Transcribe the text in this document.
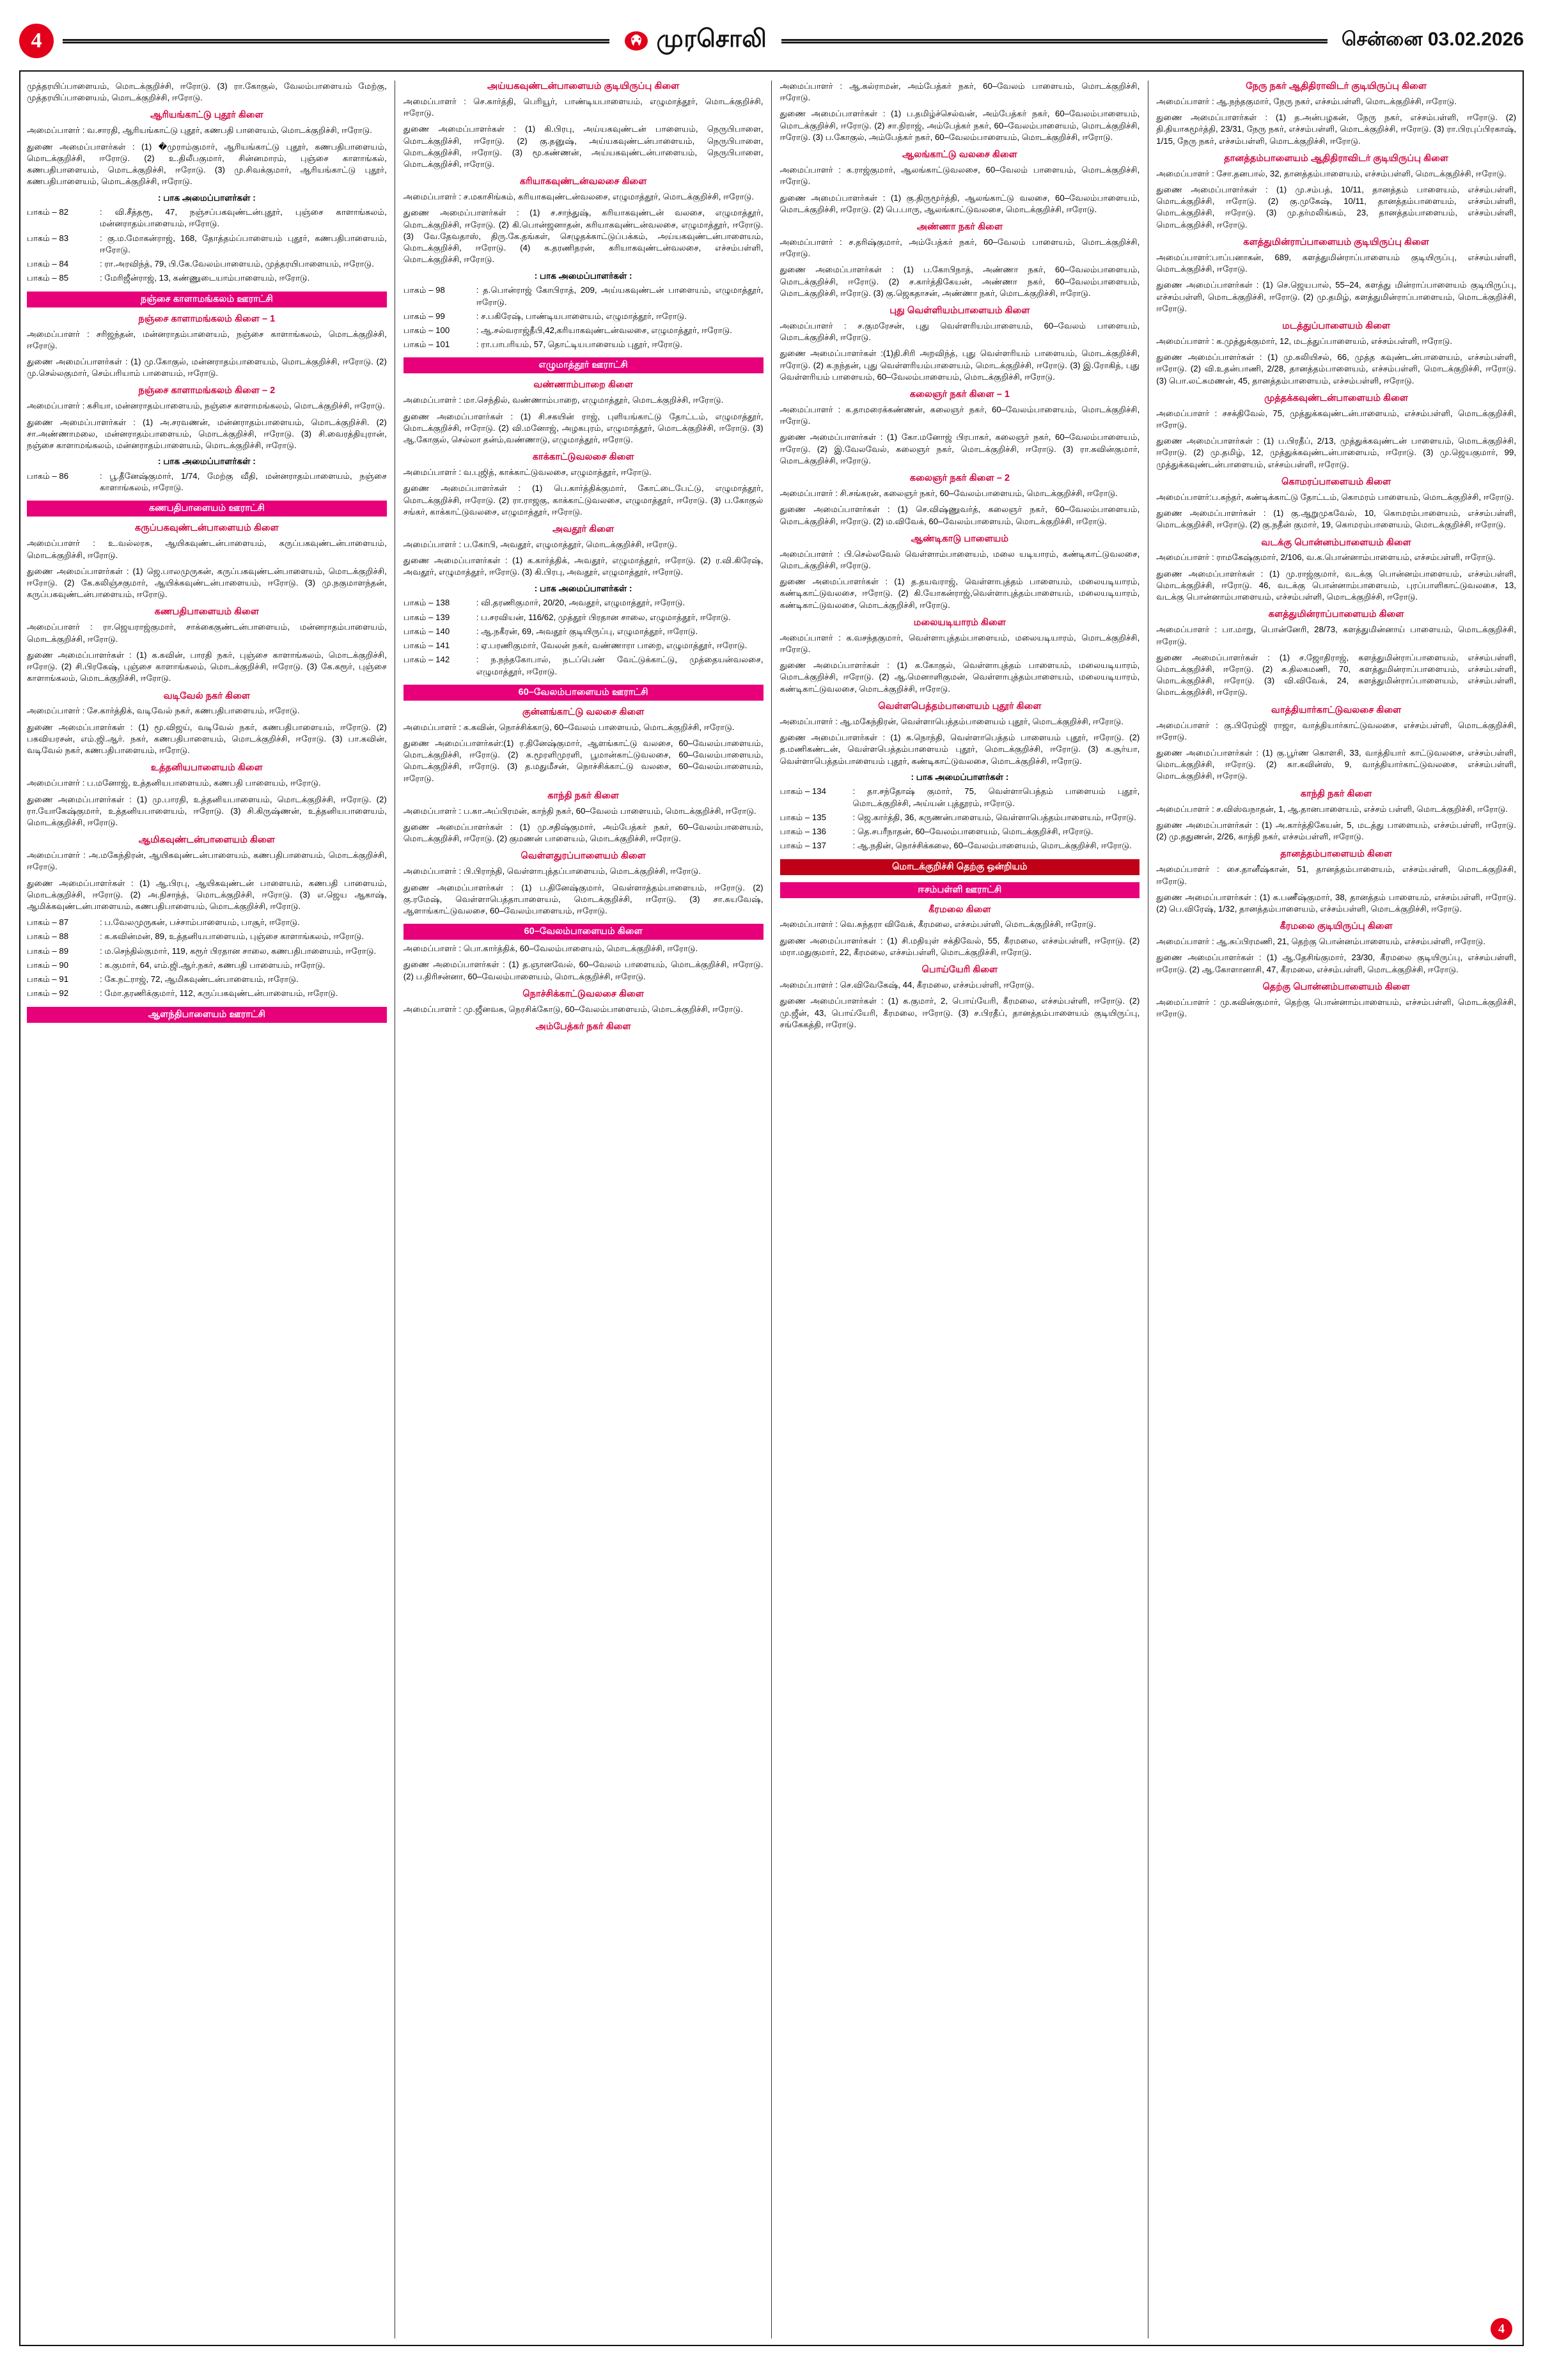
4	முரசொலி	சென்னை 03.02.2026

முத்தரயிப்பாளையம், மொடக்குறிச்சி, ஈரோடு. (3) ரா.கோகுல், வேலம்பாளையம் மேற்கு, முத்தரயிப்பாளையம், மொடக்குறிச்சி, ஈரோடு.

ஆரியங்காட்டு புதூர் கிளை

அமைப்பாளர் : வ.சாரதி, ஆரியங்காட்டு புதூர், கணபதி பாளையம், மொடக்குறிச்சி, ஈரோடு.

துணை அமைப்பாளர்கள் : (1) �முராம்குமார், ஆரியங்காட்டு புதூர், கணபதிபாளையம், மொடக்குறிச்சி, ஈரோடு. (2) உ.திலீபகுமார், சின்னமாரம், புஞ்சை காளாங்கல், கணபதிபாளையம், மொடக்குறிச்சி, ஈரோடு. (3) மு.சிவக்குமார், ஆரியங்காட்டு புதூர், கணபதிபாளையம், மொடக்குறிச்சி, ஈரோடு.

: பாக அமைப்பாளர்கள் :
பாகம் – 82	: வி.சீத்தரூ, 47, நஞ்சப்பகவுண்டன்புதூர், புஞ்சை காளாங்கலம், மன்னராதம்பாளையம், ஈரோடு.
பாகம் – 83	: கு.ம.மோகன்ராஜ், 168, தோத்தம்ப்பாளையம் புதூர், கணபதிபாளையம், ஈரோடு.
பாகம் – 84	: ரா.அரவிந்த், 79, பி.கே.வேலம்பாளையம், முத்தரயிபாளையம், ஈரோடு.
பாகம் – 85	: மேரிஜீன்ராஜ், 13, கண்ணுடையாம்பாளையம், ஈரோடு.
நஞ்சை காளாமங்கலம் ஊராட்சி
நஞ்சை காளாமங்கலம் கிளை – 1

அமைப்பாளர் : சரிஜந்தன், மன்னராதம்பாளையம், நஞ்சை காளாங்கலம், மொடக்குறிச்சி, ஈரோடு.

துணை அமைப்பாளர்கள் : (1) மு.கோகுல், மன்னராதம்பாளையம், மொடக்குறிச்சி, ஈரோடு. (2) மு.செல்லகுமார், செம்பரியாம் பாளையம், ஈரோடு.

நஞ்சை காளாமங்கலம் கிளை – 2

அமைப்பாளர் : கசியா, மன்னராதம்பாளையம், நஞ்சை காளாமங்கலம், மொடக்குறிச்சி, ஈரோடு.

துணை அமைப்பாளர்கள் : (1) அ.சரவணன், மன்னராதம்பாளையம், மொடக்குறிச்சி. (2) சா.அண்ணாமலை, மன்னராதம்பாளையம், மொடக்குறிச்சி, ஈரோடு. (3) சி.வைரத்தியுரான், நஞ்சை காளாமங்கலம், மன்னராதம்பாளையம், மொடக்குறிச்சி, ஈரோடு.

: பாக அமைப்பாளர்கள் :
பாகம் – 86	: பூ.தீனேஷ்குமார், 1/74, மேற்கு வீதி, மன்னராதம்பாளையம், நஞ்சை காளாங்கலம், ஈரோடு.
கணபதிபாளையம் ஊராட்சி
கருப்பகவுண்டன்பாளையம் கிளை

அமைப்பாளர் : உ.வல்லரசு, ஆயிகவுண்டன்பாளையம், கருப்பகவுண்டன்பாளையம், மொடக்குறிச்சி, ஈரோடு.

துணை அமைப்பாளர்கள் : (1) ஜெ.பாலமுருகன், கருப்பகவுண்டன்பாளையம், மொடக்குறிச்சி, ஈரோடு. (2) கே.கலிஞ்சகுமார், ஆயிக்கவுண்டன்பாளையம், ஈரோடு. (3) மு.நகுமாளந்தன், கருப்பகவுண்டன்பாளையம், ஈரோடு.

கணபதிபாளையம் கிளை

அமைப்பாளர் : ரா.ஜெயராஜ்குமார், சாக்கைகுண்டன்பாளையம், மன்னராதம்பாளையம், மொடக்குறிச்சி, ஈரோடு.

துணை அமைப்பாளர்கள் : (1) க.கவின், பாரதி நகர், புஞ்சை காளாங்கலம், மொடக்குறிச்சி, ஈரோடு. (2) சி.பிரகேஷ், புஞ்சை காளாங்கலம், மொடக்குறிச்சி, ஈரோடு. (3) கே.கரூர், புஞ்சை காளாங்கலம், மொடக்குறிச்சி, ஈரோடு.

வடிவேல் நகர் கிளை

அமைப்பாளர் : சே.கார்த்திக், வடிவேல் நகர், கணபதிபாளையம், ஈரோடு.

துணை அமைப்பாளர்கள் : (1) மூ.விஜய், வடிவேல் நகர், கணபதிபாளையம், ஈரோடு. (2) பகவியரசன், எம்.ஜி.ஆர். நகர், கணபதிபாளையம், மொடக்குறிச்சி, ஈரோடு. (3) பா.கவின், வடிவேல் நகர், கணபதிபாளையம், ஈரோடு.

உத்தனியபாளையம் கிளை

அமைப்பாளர் : ப.மனோஜ், உத்தனியபாளையம், கணபதி பாளையம், ஈரோடு.

துணை அமைப்பாளர்கள் : (1) மு.பாரதி, உத்தனியபாளையம், மொடக்குறிச்சி, ஈரோடு. (2) ரா.யோகேஷ்குமார், உத்தனியபாளையம், ஈரோடு. (3) சி.கிருஷ்ணன், உத்தனியபாளையம், மொடக்குறிச்சி, ஈரோடு.

ஆமிகவுண்டன்பாளையம் கிளை

அமைப்பாளர் : அ.மகேந்திரன், ஆயிகவுண்டன்பாளையம், கணபதிபாளையம், மொடக்குறிச்சி, ஈரோடு.

துணை அமைப்பாளர்கள் : (1) ஆ.பிரபு, ஆயிகவுண்டன் பாளையம், கணபதி பாளையம், மொடக்குறிச்சி, ஈரோடு. (2) அ.நிசாந்த், மொடக்குறிச்சி, ஈரோடு. (3) எ.ஜெய ஆகாஷ், ஆமிக்கவுண்டன்பாளையம், கணபதிபாளையம், மொடக்குறிச்சி, ஈரோடு.

பாகம் – 87	: ப.வேலமுருகன், பச்சாம்பாளையம், பாசூர், ஈரோடு.
பாகம் – 88	: க.கவின்மன், 89, உத்தனியபாளையம், புஞ்சை காளாங்கலம், ஈரோடு.
பாகம் – 89	: ம.செந்தில்குமார், 119, கரூர் பிரதான சாலை, கணபதிபாளையம், ஈரோடு.
பாகம் – 90	: க.குமார், 64, எம்.ஜி.ஆர்.நகர், கணபதி பாளையம், ஈரோடு.
பாகம் – 91	: கே.நட்ராஜ், 72, ஆமிகவுண்டன்பாளையம், ஈரோடு.
பாகம் – 92	: மோ.தரணிக்குமார், 112, கருப்பகவுண்டன்பாளையம், ஈரோடு.
ஆளந்திபாளையம் ஊராட்சி
அய்யகவுண்டன்பாளையம் குடியிருப்பு கிளை

அமைப்பாளர் : செ.கார்த்தி, பெரியூர், பாண்டியபாளையம், எழுமாத்தூர், மொடக்குறிச்சி, ஈரோடு.

துணை அமைப்பாளர்கள் : (1) கி.பிரபு, அய்யகவுண்டன் பாளையம், நெருபிபாளை, மொடக்குறிச்சி, ஈரோடு. (2) கு.தனுஷ், அய்யகவுண்டன்பாளையம், நெருபிபாளை, மொடக்குறிச்சி, ஈரோடு. (3) மூ.கண்ணன், அய்யகவுண்டன்பாளையம், நெருபிபாளை, மொடக்குறிச்சி, ஈரோடு.

கரியாகவுண்டன்வலசை கிளை

அமைப்பாளர் : ச.மகாசிங்கம், கரியாகவுண்டன்வலசை, எழுமாத்தூர், மொடக்குறிச்சி, ஈரோடு.

துணை அமைப்பாளர்கள் : (1) ச.சாந்துஷ், கரியாகவுண்டன் வலசை, எழுமாத்தூர், மொடக்குறிச்சி, ஈரோடு. (2) கி.பொன்ஜனாதன், கரியாகவுண்டன்வலசை, எழுமாத்தூர், ஈரோடு. (3) வே.தேவதாஸ், திரு.கே.தங்கள், செழுதக்காட்டுப்பக்கம், அய்யகவுண்டன்பாளையம், மொடக்குறிச்சி, ஈரோடு. (4) க.தரணிதரன், கரியாகவுண்டன்வலசை, எச்சம்பள்ளி, மொடக்குறிச்சி, ஈரோடு.

: பாக அமைப்பாளர்கள் :
பாகம் – 98	: த.பொன்ராஜ் கோபிராத், 209, அய்யகவுண்டன் பாளையம், எழுமாத்தூர், ஈரோடு.
பாகம் – 99	: ச.பகிரேஷ், பாண்டியபாளையம், எழுமாத்தூர், ஈரோடு.
பாகம் – 100	: ஆ.சல்வராஜ்தீபி,42,கரியாகவுண்டன்வலசை, எழுமாத்தூர், ஈரோடு.
பாகம் – 101	: ரா.பாபரியம், 57, தொட்டியபாளையம் புதூர், ஈரோடு.
எழுமாத்தூர் ஊராட்சி
வண்ணாம்பாறை கிளை

அமைப்பாளர் : மா.செந்தில், வண்ணாம்பாறை, எழுமாத்தூர், மொடக்குறிச்சி, ஈரோடு.

துணை அமைப்பாளர்கள் : (1) சி.சகயின் ராஜ், புளியங்காட்டு தோட்டம், எழுமாத்தூர், மொடக்குறிச்சி, ஈரோடு. (2) வி.மனோஜ், அழகபுரம், எழுமாத்தூர், மொடக்குறிச்சி, ஈரோடு. (3) ஆ.கோகுல், செல்லா தன்ம்,வண்ணாடு, எழுமாத்தூர், ஈரோடு.

காக்காட்டுவலசை கிளை

அமைப்பாளர் : வ.புஜித், காக்காட்டுவலசை, எழுமாத்தூர், ஈரோடு.

துணை அமைப்பாளர்கள் : (1) பெ.கார்த்திக்குமார், கோட்டைபேட்டு, எழுமாத்தூர், மொடக்குறிச்சி, ஈரோடு. (2) ரா.ராஜகு, காக்காட்டுவலசை, எழுமாத்தூர், ஈரோடு. (3) ப.கோகுல் சங்கர், காக்காட்டுவலசை, எழுமாத்தூர், ஈரோடு.

அவதூர் கிளை

அமைப்பாளர் : ப.கோபி, அவதூர், எழுமாத்தூர், மொடக்குறிச்சி, ஈரோடு.

துணை அமைப்பாளர்கள் : (1) க.கார்த்திக், அவதூர், எழுமாத்தூர், ஈரோடு. (2) ர.வி.கிரேஷ், அவதூர், எழுமாத்தூர், ஈரோடு. (3) கி.பிரபு, அவதூர், எழுமாத்தூர், ஈரோடு.

: பாக அமைப்பாளர்கள் :
பாகம் – 138	: வி.தரணிகுமார், 20/20, அவதூர், எழுமாத்தூர், ஈரோடு.
பாகம் – 139	: ப.சரவியன், 116/62, முத்தூர் பிரதான சாலை, எழுமாத்தூர், ஈரோடு.
பாகம் – 140	: ஆ.நகீரன், 69, அவதூர் குடியிருப்பு, எழுமாத்தூர், ஈரோடு.
பாகம் – 141	: ஏ.பரணிகுமார், வேலன் நகர், வண்ணாரா பாறை, எழுமாத்தூர், ஈரோடு.
பாகம் – 142	: ந.நந்தகோபால், நடப்பெண் வேட்டுக்காட்டு, முத்தையன்வலசை, எழுமாத்தூர், ஈரோடு.
60–வேலம்பாளையம் ஊராட்சி
குன்னங்காட்டு வலசை கிளை

அமைப்பாளர் : க.கவின், நொச்சிக்காடு, 60–வேலம் பாளையம், மொடக்குறிச்சி, ஈரோடு.

துணை அமைப்பாளர்கள்:(1) ர.தினேஷ்குமார், ஆளங்காட்டு வலசை, 60–வேலம்பாளையம், மொடக்குறிச்சி, ஈரோடு. (2) க.மூரளிமுரளி, பூமான்காட்டுவலசை, 60–வேலம்பாளையம், மொடக்குறிச்சி, ஈரோடு. (3) த.மதுமீசன், நொச்சிக்காட்டு வலசை, 60–வேலம்பாளையம், ஈரோடு.

காந்தி நகர் கிளை

அமைப்பாளர் : ப.கா.அப்பிரமன், காந்தி நகர், 60–வேலம் பாளையம், மொடக்குறிச்சி, ஈரோடு.

துணை அமைப்பாளர்கள் : (1) மு.சதிஷ்குமார், அம்பேத்கர் நகர், 60–வேலம்பாளையம், மொடக்குறிச்சி, ஈரோடு. (2) குமணன் பாளையம், மொடக்குறிச்சி, ஈரோடு.

வெள்ளதுரப்பாளையம் கிளை

அமைப்பாளர் : பி.பிராந்தி, வெள்ளாபுத்தப்பாளையம், மொடக்குறிச்சி, ஈரோடு.

துணை அமைப்பாளர்கள் : (1) ப.தினேஷ்குமார், வெள்ளாத்தம்பாளையம், ஈரோடு. (2) கு.ரமேஷ், வெள்ளாபெத்தாபாளையம், மொடக்குறிச்சி, ஈரோடு. (3) சா.கயவேஷ், ஆளாங்காட்டுவலசை, 60–வேலம்பாளையம், ஈரோடு.

60–வேலம்பாளையம் கிளை

அமைப்பாளர் : பொ.கார்த்திக், 60–வேலம்பாளையம், மொடக்குறிச்சி, ஈரோடு.

துணை அமைப்பாளர்கள் : (1) த.ஞானவேல், 60–வேலம் பாளையம், மொடக்குறிச்சி, ஈரோடு. (2) ப.திரிசன்னா, 60–வேலம்பாளையம், மொடக்குறிச்சி, ஈரோடு.

நொச்சிக்காட்டுவலசை கிளை

அமைப்பாளர் : மு.ஜீனவசு, நெரசிக்கோடு, 60–வேலம்பாளையம், மொடக்குறிச்சி, ஈரோடு.

அம்பேத்கர் நகர் கிளை

அமைப்பாளர் : ஆ.கல்ராமன், அம்பேத்கர் நகர், 60–வேலம் பாளையம், மொடக்குறிச்சி, ஈரோடு.

துணை அமைப்பாளர்கள் : (1) ப.தமிழ்ச்செல்வன், அம்பேத்கர் நகர், 60–வேலம்பாளையம், மொடக்குறிச்சி, ஈரோடு. (2) சா.நிராஜ், அம்பேத்கர் நகர், 60–வேலம்பாளையம், மொடக்குறிச்சி, ஈரோடு. (3) ப.கோகுல், அம்பேத்கர் நகர், 60–வேலம்பாளையம், மொடக்குறிச்சி, ஈரோடு.

ஆலங்காட்டு வலசை கிளை

அமைப்பாளர் : க.ராஜ்குமார், ஆலங்காட்டுவலசை, 60–வேலம் பாளையம், மொடக்குறிச்சி, ஈரோடு.

துணை அமைப்பாளர்கள் : (1) கு.திருமூர்த்தி, ஆலங்காட்டு வலசை, 60–வேலம்பாளையம், மொடக்குறிச்சி, ஈரோடு. (2) பெ.பாரு, ஆலங்காட்டுவலசை, மொடக்குறிச்சி, ஈரோடு.

அண்ணா நகர் கிளை

அமைப்பாளர் : ச.தரிஷ்குமார், அம்பேத்கர் நகர், 60–வேலம் பாளையம், மொடக்குறிச்சி, ஈரோடு.

துணை அமைப்பாளர்கள் : (1) ப.கோபிநாத், அண்ணா நகர், 60–வேலம்பாளையம், மொடக்குறிச்சி, ஈரோடு. (2) ச.கார்த்திகேயன், அண்ணா நகர், 60–வேலம்பாளையம், மொடக்குறிச்சி, ஈரோடு. (3) கு.ஜெகதாசன், அண்ணா நகர், மொடக்குறிச்சி, ஈரோடு.

புது வெள்ளியம்பாளையம் கிளை

அமைப்பாளர் : ச.குமரேசன், புது வெள்ளரியம்பாளையம், 60–வேலம் பாளையம், மொடக்குறிச்சி, ஈரோடு.

துணை அமைப்பாளர்கள் :(1)தி.சிரி அறவிந்த், புது வெள்ளரியம் பாளையம், மொடக்குறிச்சி, ஈரோடு. (2) க.நந்தன், புது வெள்ளரியம்பாளையம், மொடக்குறிச்சி, ஈரோடு. (3) இ.ரோகித், புது வெள்ளரியம் பாளையம், 60–வேலம்பாளையம், மொடக்குறிச்சி, ஈரோடு.

கலைஞர் நகர் கிளை – 1

அமைப்பாளர் : க.தாமரைக்கண்ணன், கலைஞர் நகர், 60–வேலம்பாளையம், மொடக்குறிச்சி, ஈரோடு.

துணை அமைப்பாளர்கள் : (1) கோ.மனோஜ் பிரபாகர், கலைஞர் நகர், 60–வேலம்பாளையம், ஈரோடு. (2) இ.வேலவேல், கலைஞர் நகர், மொடக்குறிச்சி, ஈரோடு. (3) ரா.கவின்குமார், மொடக்குறிச்சி, ஈரோடு.

கலைஞர் நகர் கிளை – 2

அமைப்பாளர் : சி.சங்கரன், கலைஞர் நகர், 60–வேலம்பாளையம், மொடக்குறிச்சி, ஈரோடு.

துணை அமைப்பாளர்கள் : (1) செ.விஷ்ணுவர்த், கலைஞர் நகர், 60–வேலம்பாளையம், மொடக்குறிச்சி, ஈரோடு. (2) ம.விவேக், 60–வேலம்பாளையம், மொடக்குறிச்சி, ஈரோடு.

ஆண்டிகாடு பாளையம்

அமைப்பாளர் : பி.செல்லவேல் வெள்ளாம்பாளையம், மலை யடியாரம், கண்டிகாட்டுவலசை, மொடக்குறிச்சி, ஈரோடு.

துணை அமைப்பாளர்கள் : (1) த.தயவராஜ், வெள்ளாபுத்தம் பாளையம், மலையடியாரம், கண்டிகாட்டுவலசை, ஈரோடு. (2) கி.யோகன்ராஜ்,வெள்ளாபுத்தம்பாளையம், மலையடியாரம், கண்டிகாட்டுவலசை, மொடக்குறிச்சி, ஈரோடு.

மலையடியாரம் கிளை

அமைப்பாளர் : க.வசந்தகுமார், வெள்ளாபுத்தம்பாளையம், மலையடியாரம், மொடக்குறிச்சி, ஈரோடு.

துணை அமைப்பாளர்கள் : (1) க.கோகுல், வெள்ளாபுத்தம் பாளையம், மலையடியாரம், மொடக்குறிச்சி, ஈரோடு. (2) ஆ.மெனாளிகுமன், வெள்ளாபுத்தம்பாளையம், மலையடியாரம், கண்டிகாட்டுவலசை, மொடக்குறிச்சி, ஈரோடு.

வெள்ளபெத்தம்பாளையம் புதூர் கிளை

அமைப்பாளர் : ஆ.மகேந்திரன், வெள்ளாபெத்தம்பாளையம் புதூர், மொடக்குறிச்சி, ஈரோடு.

துணை அமைப்பாளர்கள் : (1) க.நொந்தி, வெள்ளாபெத்தம் பாளையம் புதூர், ஈரோடு. (2) த.மணிகண்டன், வெள்ளபெத்தம்பாளையம் புதூர், மொடக்குறிச்சி, ஈரோடு. (3) க.சூர்யா, வெள்ளாபெத்தம்பாளையம் புதூர், கண்டிகாட்டுவலசை, மொடக்குறிச்சி, ஈரோடு.

: பாக அமைப்பாளர்கள் :
பாகம் – 134	: தா.சந்தோஷ் குமார், 75, வெள்ளாபெத்தம் பாளையம் புதூர், மொடக்குறிச்சி, அய்யன் புத்தூரம், ஈரோடு.
பாகம் – 135	: ஜெ.கார்த்தி, 36, கருணன்பாளையம், வெள்ளாபெத்தம்பாளையம், ஈரோடு.
பாகம் – 136	: தெ.சபரீநாதன், 60–வேலம்பாளையம், மொடக்குறிச்சி, ஈரோடு.
பாகம் – 137	: ஆ.நதின், நொச்சிக்கலை, 60–வேலம்பாளையம், மொடக்குறிச்சி, ஈரோடு.
மொடக்குறிச்சி தெற்கு ஒன்றியம்
ஈசம்பள்ளி ஊராட்சி
கீரமலை கிளை

அமைப்பாளர் : வெ.சுந்தரா விவேக், கீரமலை, எச்சம்பள்ளி, மொடக்குறிச்சி, ஈரோடு.

துணை அமைப்பாளர்கள் : (1) சி.மதியுள் சக்திவேல், 55, கீரமலை, எச்சம்பள்ளி, ஈரோடு. (2) மரா.மதுகுமார், 22, கீரமலை, எச்சம்பள்ளி, மொடக்குறிச்சி, ஈரோடு.

பொய்யேரி கிளை

அமைப்பாளர் : செ.விவேகேஷ், 44, கீரமலை, எச்சம்பள்ளி, ஈரோடு.

துணை அமைப்பாளர்கள் : (1) க.குமார், 2, பொய்யேரி, கீரமலை, எச்சம்பள்ளி, ஈரோடு. (2) மு.ஜீன், 43, பொய்யேரி, கீரமலை, ஈரோடு. (3) ச.பிரதீப், தானத்தம்பாளையம் குடியிருப்பு, சங்கேகத்தி, ஈரோடு.

நேரு நகர் ஆதிதிராவிடர் குடியிருப்பு கிளை

அமைப்பாளர் : ஆ.நந்தகுமார், நேரு நகர், எச்சம்பள்ளி, மொடக்குறிச்சி, ஈரோடு.

துணை அமைப்பாளர்கள் : (1) த.அன்பழகன், நேரு நகர், எச்சம்பள்ளி, ஈரோடு. (2) தி.தியாகமூர்த்தி, 23/31, நேரு நகர், எச்சம்பள்ளி, மொடக்குறிச்சி, ஈரோடு. (3) ரா.பிரபுப்பிரகாஷ், 1/15, நேரு நகர், எச்சம்பள்ளி, மொடக்குறிச்சி, ஈரோடு.

தானத்தம்பாளையம் ஆதிதிராவிடர் குடியிருப்பு கிளை

அமைப்பாளர் : சோ.தனபால், 32, தானத்தம்பாளையம், எச்சம்பள்ளி, மொடக்குறிச்சி, ஈரோடு.

துணை அமைப்பாளர்கள் : (1) மு.சம்பத், 10/11, தானத்தம் பாளையம், எச்சம்பள்ளி, மொடக்குறிச்சி, ஈரோடு. (2) கு.முகேஷ், 10/11, தானத்தம்பாளையம், எச்சம்பள்ளி, மொடக்குறிச்சி, ஈரோடு. (3) மு.தர்மலிங்கம், 23, தானத்தம்பாளையம், எச்சம்பள்ளி, மொடக்குறிச்சி, ஈரோடு.

களத்துமின்ராப்பாளையம் குடியிருப்பு கிளை

அமைப்பாளர்:பாப்பனாகன், 689, களத்துமின்ராப்பாளையம் குடியிருப்பு, எச்சம்பள்ளி, மொடக்குறிச்சி, ஈரோடு.

துணை அமைப்பாளர்கள் : (1) செ.ஜெயபால், 55–24, களத்து மின்ராப்பாளையம் குடியிருப்பு, எச்சம்பள்ளி, மொடக்குறிச்சி, ஈரோடு. (2) மு.தமிழ், களத்துமின்ராப்பாளையம், மொடக்குறிச்சி, ஈரோடு.

மடத்துப்பாளையம் கிளை

அமைப்பாளர் : க.முத்துக்குமார், 12, மடத்துப்பாளையம், எச்சம்பள்ளி, ஈரோடு.

துணை அமைப்பாளர்கள் : (1) மு.கலியிசல், 66, முத்த கவுண்டன்பாளையம், எச்சம்பள்ளி, ஈரோடு. (2) வி.உதன்பாணி, 2/28, தானத்தம்பாளையம், எச்சம்பள்ளி, மொடக்குறிச்சி, ஈரோடு. (3) பொ.லட்சுமணன், 45, தானத்தம்பாளையம், எச்சம்பள்ளி, ஈரோடு.

முத்தக்கவுண்டன்பாளையம் கிளை

அமைப்பாளர் : சசக்திவேல், 75, முத்துக்கவுண்டன்பாளையம், எச்சம்பள்ளி, மொடக்குறிச்சி, ஈரோடு.

துணை அமைப்பாளர்கள் : (1) ப.பிரதீப், 2/13, முத்துக்கவுண்டன் பாளையம், மொடக்குறிச்சி, ஈரோடு. (2) மு.தமிழ், 12, முத்துக்கவுண்டன்பாளையம், ஈரோடு. (3) மு.ஜெயகுமார், 99, முத்துக்கவுண்டன்பாளையம், எச்சம்பள்ளி, ஈரோடு.

கொமரப்பாளையம் கிளை

அமைப்பாளர்:ப.சுந்தர், கண்டிக்காட்டு தோட்டம், கொமரம் பாளையம், மொடக்குறிச்சி, ஈரோடு.

துணை அமைப்பாளர்கள் : (1) கு.ஆறுமுகவேல், 10, கொமரம்பாளையம், எச்சம்பள்ளி, மொடக்குறிச்சி, ஈரோடு. (2) கு.நதீன் குமார், 19, கொமரம்பாளையம், மொடக்குறிச்சி, ஈரோடு.

வடக்கு பொன்னம்பாளையம் கிளை

அமைப்பாளர் : ராமகேஷ்குமார், 2/106, வ.க.பொன்னாம்பாளையம், எச்சம்பள்ளி, ஈரோடு.

துணை அமைப்பாளர்கள் : (1) மு.ராஜ்குமார், வடக்கு பொன்னம்பாளையம், எச்சம்பள்ளி, மொடக்குறிச்சி, ஈரோடு. 46, வடக்கு பொன்னாம்பாளையம், புரப்பாளிகாட்டுவலசை, 13, வடக்கு பொன்னாம்பாளையம், எச்சம்பள்ளி, மொடக்குறிச்சி, ஈரோடு.

களத்துமின்ராப்பாளையம் கிளை

அமைப்பாளர் : பா.மாறு, பொன்னேரி, 28/73, களத்துமின்னாய் பாளையம், மொடக்குறிச்சி, ஈரோடு.

துணை அமைப்பாளர்கள் : (1) ச.ஜோதிராஜ், களத்துமின்ராப்பாளையம், எச்சம்பள்ளி, மொடக்குறிச்சி, ஈரோடு. (2) சு.திலகமணி, 70, களத்துமின்ராப்பாளையம், எச்சம்பள்ளி, மொடக்குறிச்சி, ஈரோடு. (3) வி.விவேக், 24, களத்துமின்ராப்பாளையம், எச்சம்பள்ளி, மொடக்குறிச்சி, ஈரோடு.

வாத்தியார்காட்டுவலசை கிளை

அமைப்பாளர் : கு.பிரேம்ஜி ராஜா, வாத்தியார்காட்டுவலசை, எச்சம்பள்ளி, மொடக்குறிச்சி, ஈரோடு.

துணை அமைப்பாளர்கள் : (1) கு.பூர்ண கொளசி, 33, வாத்தியார் காட்டுவலசை, எச்சம்பள்ளி, மொடக்குறிச்சி, ஈரோடு. (2) கா.கவின்ஸ், 9, வாத்தியார்காட்டுவலசை, எச்சம்பள்ளி, மொடக்குறிச்சி, ஈரோடு.

காந்தி நகர் கிளை

அமைப்பாளர் : ச.விஸ்வநாதன், 1, ஆ.தானபாளையம், எச்சம் பள்ளி, மொடக்குறிச்சி, ஈரோடு.

துணை அமைப்பாளர்கள் : (1) அ.கார்த்திகேயன், 5, மடத்து பாளையம், எச்சம்பள்ளி, ஈரோடு. (2) மு.ததுணன், 2/26, காந்தி நகர், எச்சம்பள்ளி, ஈரோடு.

தானத்தம்பாளையம் கிளை

அமைப்பாளர் : சை.தானீஷ்கான், 51, தானத்தம்பாளையம், எச்சம்பள்ளி, மொடக்குறிச்சி, ஈரோடு.

துணை அமைப்பாளர்கள் : (1) க.பணீஷ்குமார், 38, தானத்தம் பாளையம், எச்சம்பள்ளி, ஈரோடு. (2) பெ.விரேஷ், 1/32, தானத்தம்பாளையம், எச்சம்பள்ளி, மொடக்குறிச்சி, ஈரோடு.

கீரமலை குடியிருப்பு கிளை

அமைப்பாளர் : ஆ.சுப்பிரமணி, 21, தெற்கு பொன்னம்பாளையம், எச்சம்பள்ளி, ஈரோடு.

துணை அமைப்பாளர்கள் : (1) ஆ.தேசிங்குமார், 23/30, கீரமலை குடியிருப்பு, எச்சம்பள்ளி, ஈரோடு. (2) ஆ.கோளானாசி, 47, கீரமலை, எச்சம்பள்ளி, மொடக்குறிச்சி, ஈரோடு.

தெற்கு பொன்னம்பாளையம் கிளை

அமைப்பாளர் : மு.கவின்குமார், தெற்கு பொன்னாம்பாளையம், எச்சம்பள்ளி, மொடக்குறிச்சி, ஈரோடு.

4
